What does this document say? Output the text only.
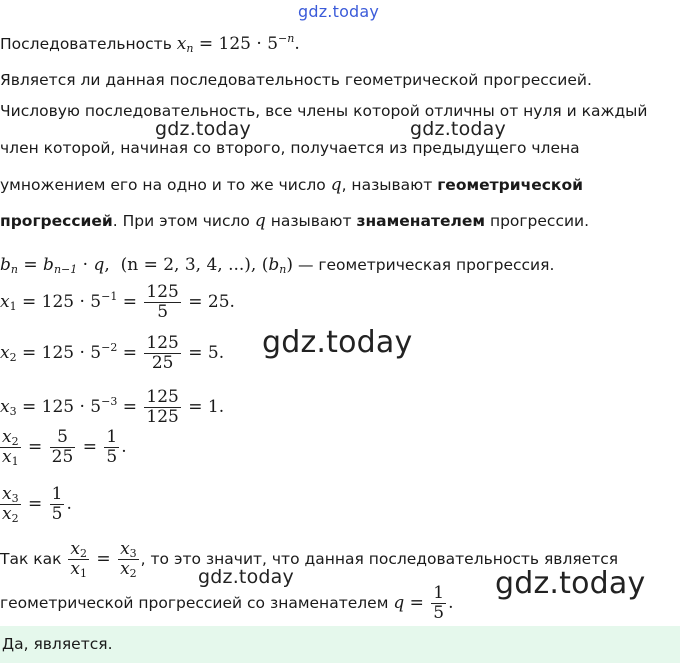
gdz.today
gdz.today	gdz.today
gdz.today
gdz.today	gdz.today
Последовательность $x_n = 125 \cdot 5^{-n}$.
Является ли данная последовательность геометрической прогрессией.
Числовую последовательность, все члены которой отличны от нуля и каждый
член которой, начиная со второго, получается из предыдущего члена
умножением его на одно и то же число q, называют геометрической
прогрессией. При этом число q называют знаменателем прогрессии.
$b_n = b_{n-1} \cdot q$,  (n = 2, 3, 4, ...), $(b_n)$ — геометрическая прогрессия.
$x_1 = 125 \cdot 5^{-1} = \frac{125}{5} = 25$.
$x_2 = 125 \cdot 5^{-2} = \frac{125}{25} = 5$.
$x_3 = 125 \cdot 5^{-3} = \frac{125}{125} = 1$.
$\frac{x_2}{x_1} = \frac{5}{25} = \frac{1}{5}$ .
$\frac{x_3}{x_2} = \frac{1}{5}$ .
Так как $\frac{x_2}{x_1} = \frac{x_3}{x_2}$ , то это значит, что данная последовательность является
геометрической прогрессией со знаменателем $q = \frac{1}{5}$ .
Да, является.
